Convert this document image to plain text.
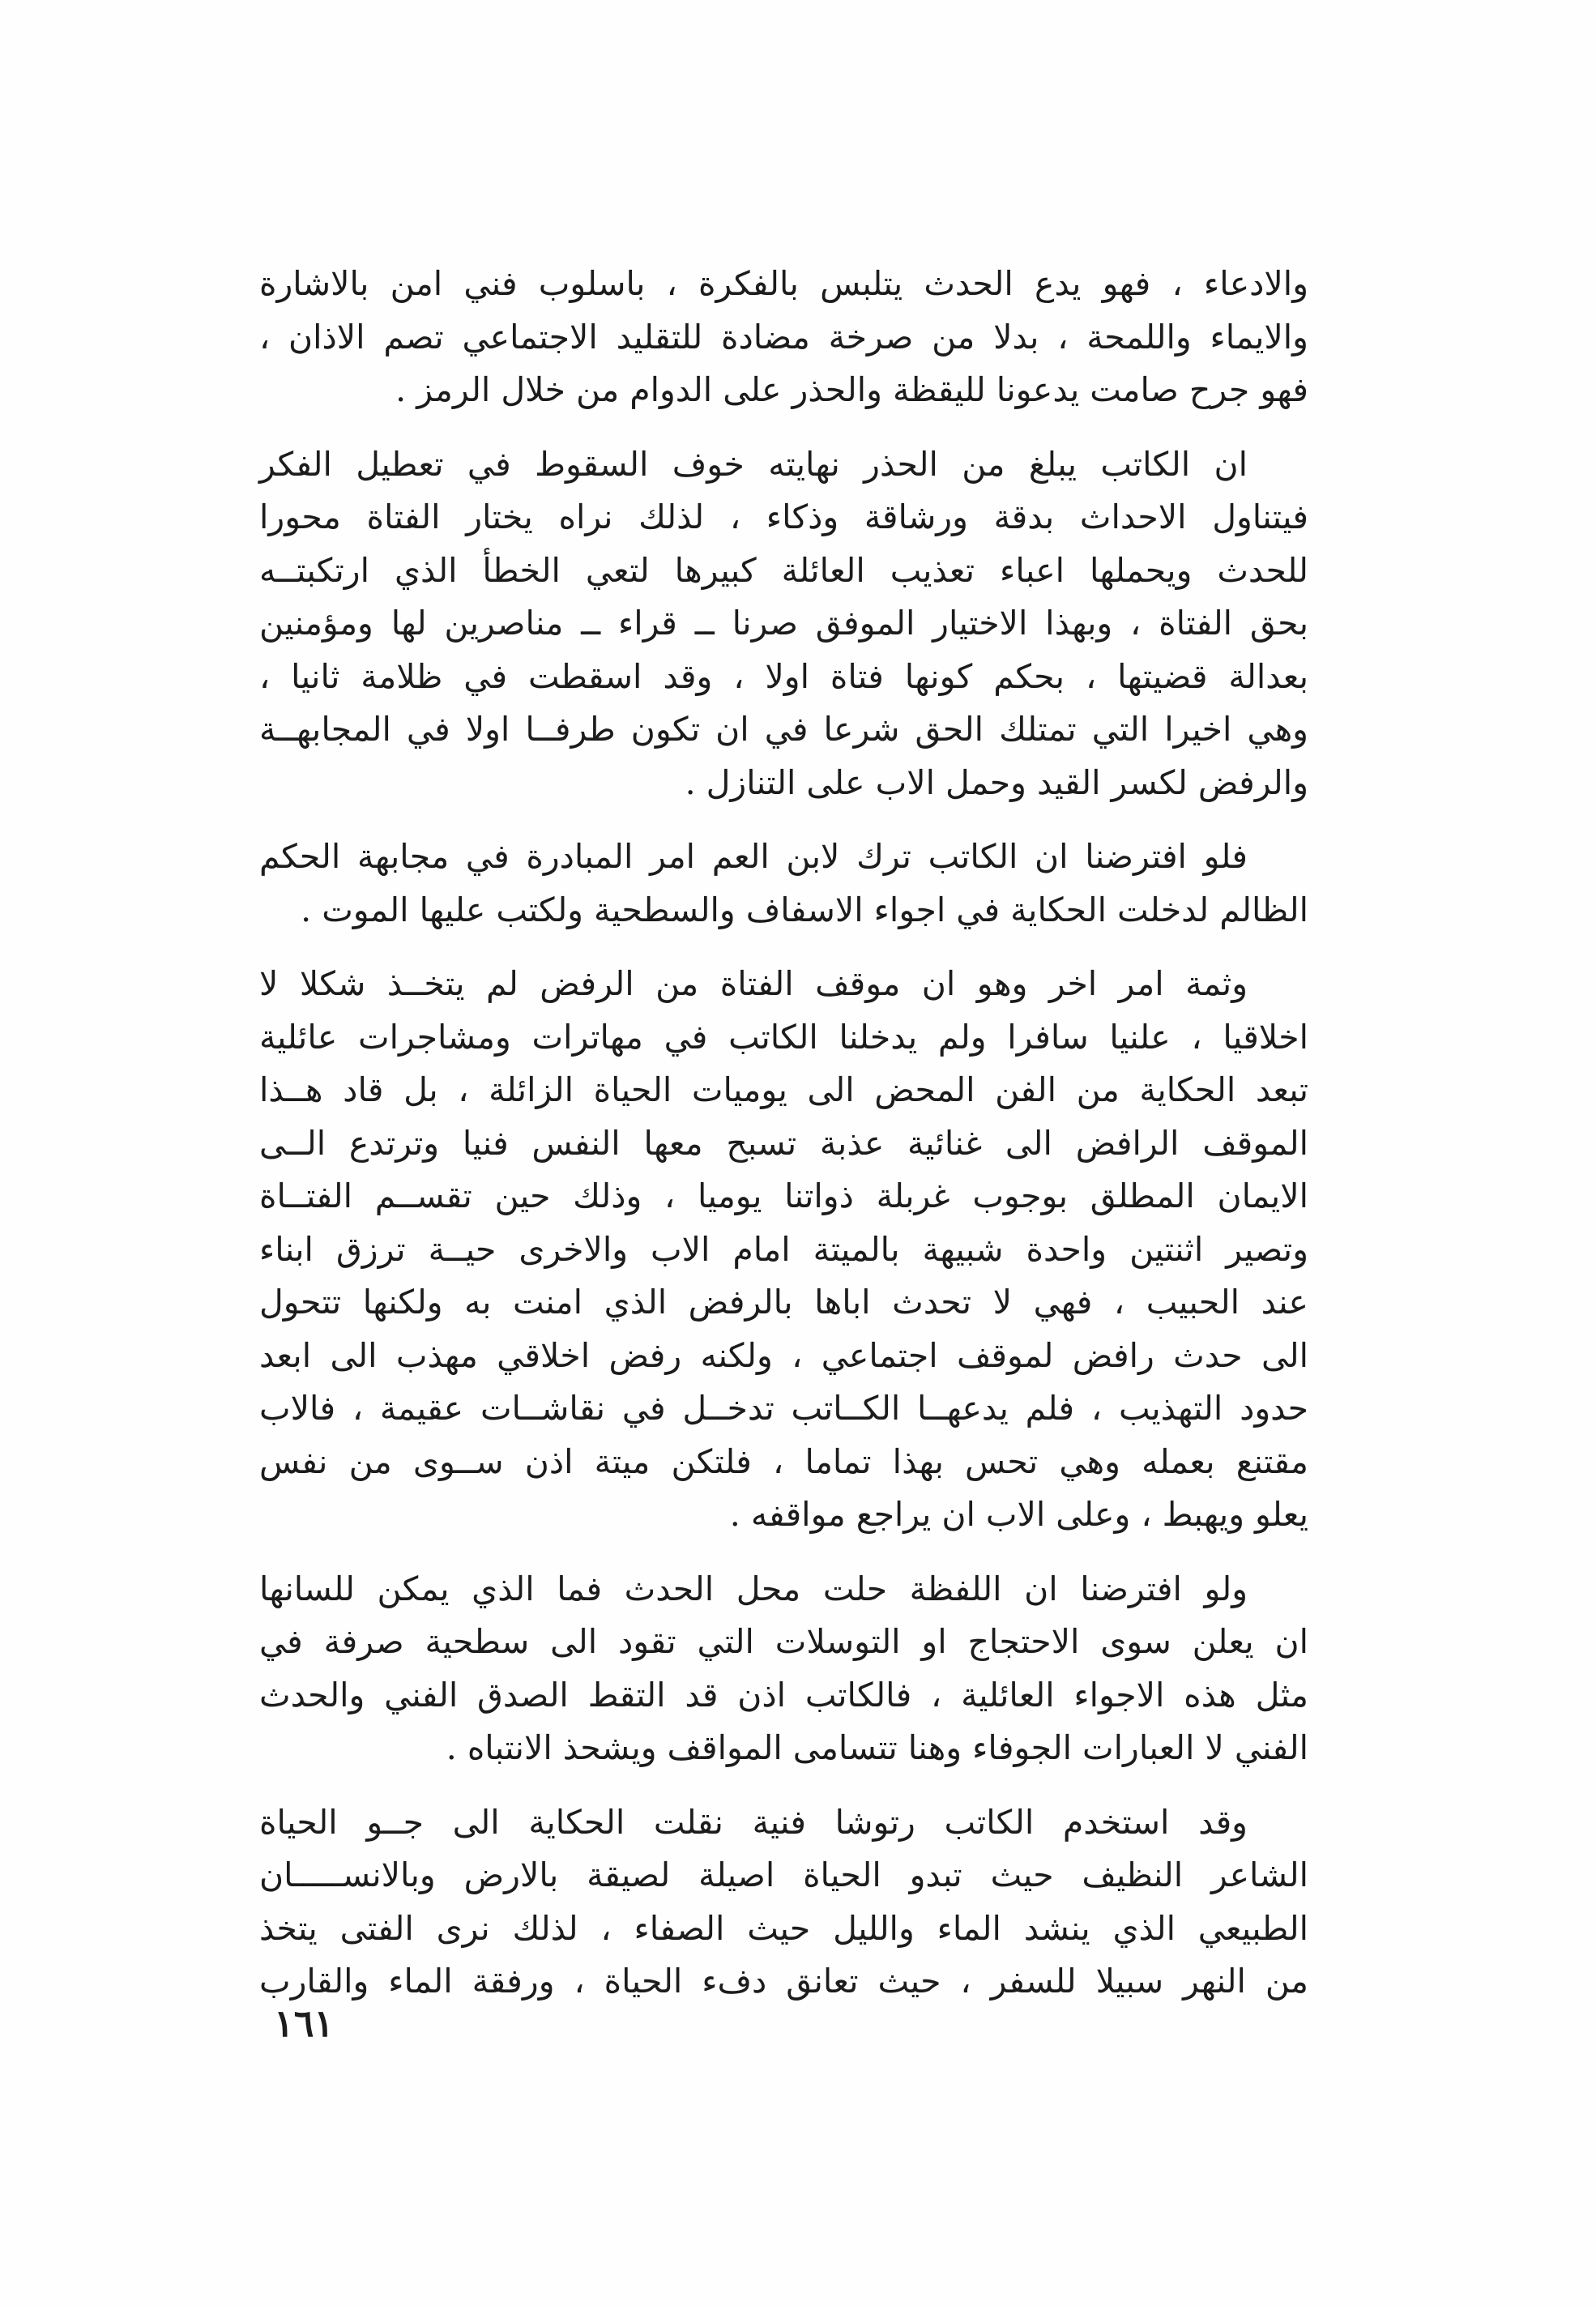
والادعاء ، فهو يدع الحدث يتلبس بالفكرة ، باسلوب فني امن بالاشارة
والايماء واللمحة ، بدلا من صرخة مضادة للتقليد الاجتماعي تصم الاذان ،
فهو جرح صامت يدعونا لليقظة والحذر على الدوام من خلال الرمز .
ان الكاتب يبلغ من الحذر نهايته خوف السقوط في تعطيل الفكر
فيتناول الاحداث بدقة ورشاقة وذكاء ، لذلك نراه يختار الفتاة محورا
للحدث ويحملها اعباء تعذيب العائلة كبيرها لتعي الخطأ الذي ارتكبتــه
بحق الفتاة ، وبهذا الاختيار الموفق صرنا ــ قراء ــ مناصرين لها ومؤمنين
بعدالة قضيتها ، بحكم كونها فتاة اولا ، وقد اسقطت في ظلامة ثانيا ،
وهي اخيرا التي تمتلك الحق شرعا في ان تكون طرفــا اولا في المجابهــة
والرفض لكسر القيد وحمل الاب على التنازل .
فلو افترضنا ان الكاتب ترك لابن العم امر المبادرة في مجابهة الحكم
الظالم لدخلت الحكاية في اجواء الاسفاف والسطحية ولكتب عليها الموت .
وثمة امر اخر وهو ان موقف الفتاة من الرفض لم يتخــذ شكلا لا
اخلاقيا ، علنيا سافرا ولم يدخلنا الكاتب في مهاترات ومشاجرات عائلية
تبعد الحكاية من الفن المحض الى يوميات الحياة الزائلة ، بل قاد هــذا
الموقف الرافض الى غنائية عذبة تسبح معها النفس فنيا وترتدع الــى
الايمان المطلق بوجوب غربلة ذواتنا يوميا ، وذلك حين تقســم الفتــاة
وتصير اثنتين واحدة شبيهة بالميتة امام الاب والاخرى حيــة ترزق ابناء
عند الحبيب ، فهي لا تحدث اباها بالرفض الذي امنت به ولكنها تتحول
الى حدث رافض لموقف اجتماعي ، ولكنه رفض اخلاقي مهذب الى ابعد
حدود التهذيب ، فلم يدعهــا الكــاتب تدخــل في نقاشــات عقيمة ، فالاب
مقتنع بعمله وهي تحس بهذا تماما ، فلتكن ميتة اذن ســوى من نفس
يعلو ويهبط ، وعلى الاب ان يراجع مواقفه .
ولو افترضنا ان اللفظة حلت محل الحدث فما الذي يمكن للسانها
ان يعلن سوى الاحتجاج او التوسلات التي تقود الى سطحية صرفة في
مثل هذه الاجواء العائلية ، فالكاتب اذن قد التقط الصدق الفني والحدث
الفني لا العبارات الجوفاء وهنا تتسامى المواقف ويشحذ الانتباه .
وقد استخدم الكاتب رتوشا فنية نقلت الحكاية الى جــو الحياة
الشاعر النظيف حيث تبدو الحياة اصيلة لصيقة بالارض وبالانســـــان
الطبيعي الذي ينشد الماء والليل حيث الصفاء ، لذلك نرى الفتى يتخذ
من النهر سبيلا للسفر ، حيث تعانق دفء الحياة ، ورفقة الماء والقارب
١٦١
